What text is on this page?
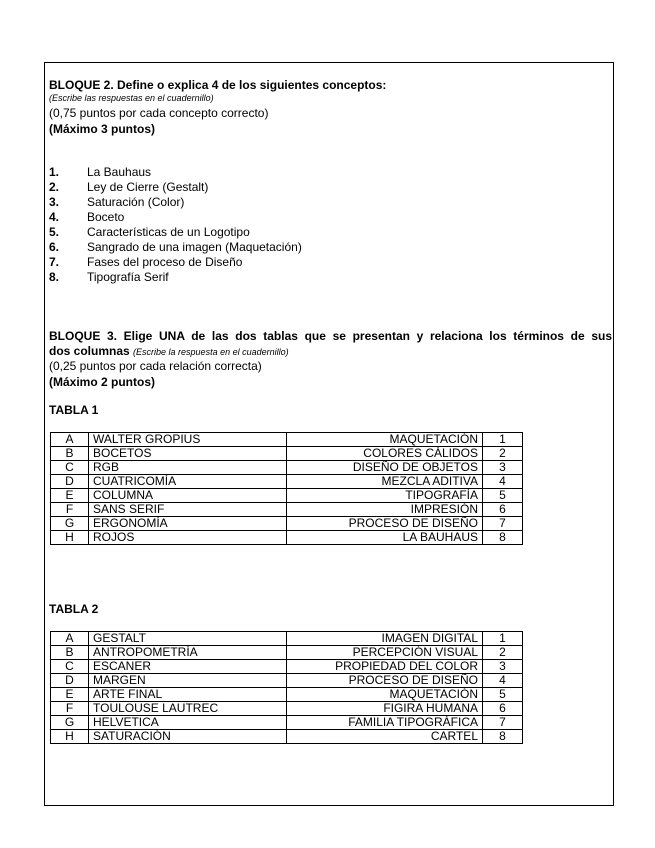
BLOQUE 2. Define o explica 4 de los siguientes conceptos:
(Escribe las respuestas en el cuadernillo)
(0,75 puntos por cada concepto correcto)
(Máximo 3 puntos)
1.	La Bauhaus
2.	Ley de Cierre (Gestalt)
3.	Saturación (Color)
4.	Boceto
5.	Características de un Logotipo
6.	Sangrado de una imagen (Maquetación)
7.	Fases del proceso de Diseño
8.	Tipografía Serif
BLOQUE 3. Elige UNA de las dos tablas que se presentan y relaciona los términos de sus
dos columnas (Escribe la respuesta en el cuadernillo)
(0,25 puntos por cada relación correcta)
(Máximo 2 puntos)
TABLA 1
A	WALTER GROPIUS	MAQUETACIÓN	1
B	BOCETOS	COLORES CÁLIDOS	2
C	RGB	DISEÑO DE OBJETOS	3
D	CUATRICOMÍA	MEZCLA ADITIVA	4
E	COLUMNA	TIPOGRAFÍA	5
F	SANS SERIF	IMPRESIÓN	6
G	ERGONOMÍA	PROCESO DE DISEÑO	7
H	ROJOS	LA BAUHAUS	8
TABLA 2
A	GESTALT	IMAGEN DIGITAL	1
B	ANTROPOMETRÍA	PERCEPCIÓN VISUAL	2
C	ESCANER	PROPIEDAD DEL COLOR	3
D	MARGEN	PROCESO DE DISEÑO	4
E	ARTE FINAL	MAQUETACIÓN	5
F	TOULOUSE LAUTREC	FIGIRA HUMANA	6
G	HELVETICA	FAMILIA TIPOGRÁFICA	7
H	SATURACIÓN	CARTEL	8
